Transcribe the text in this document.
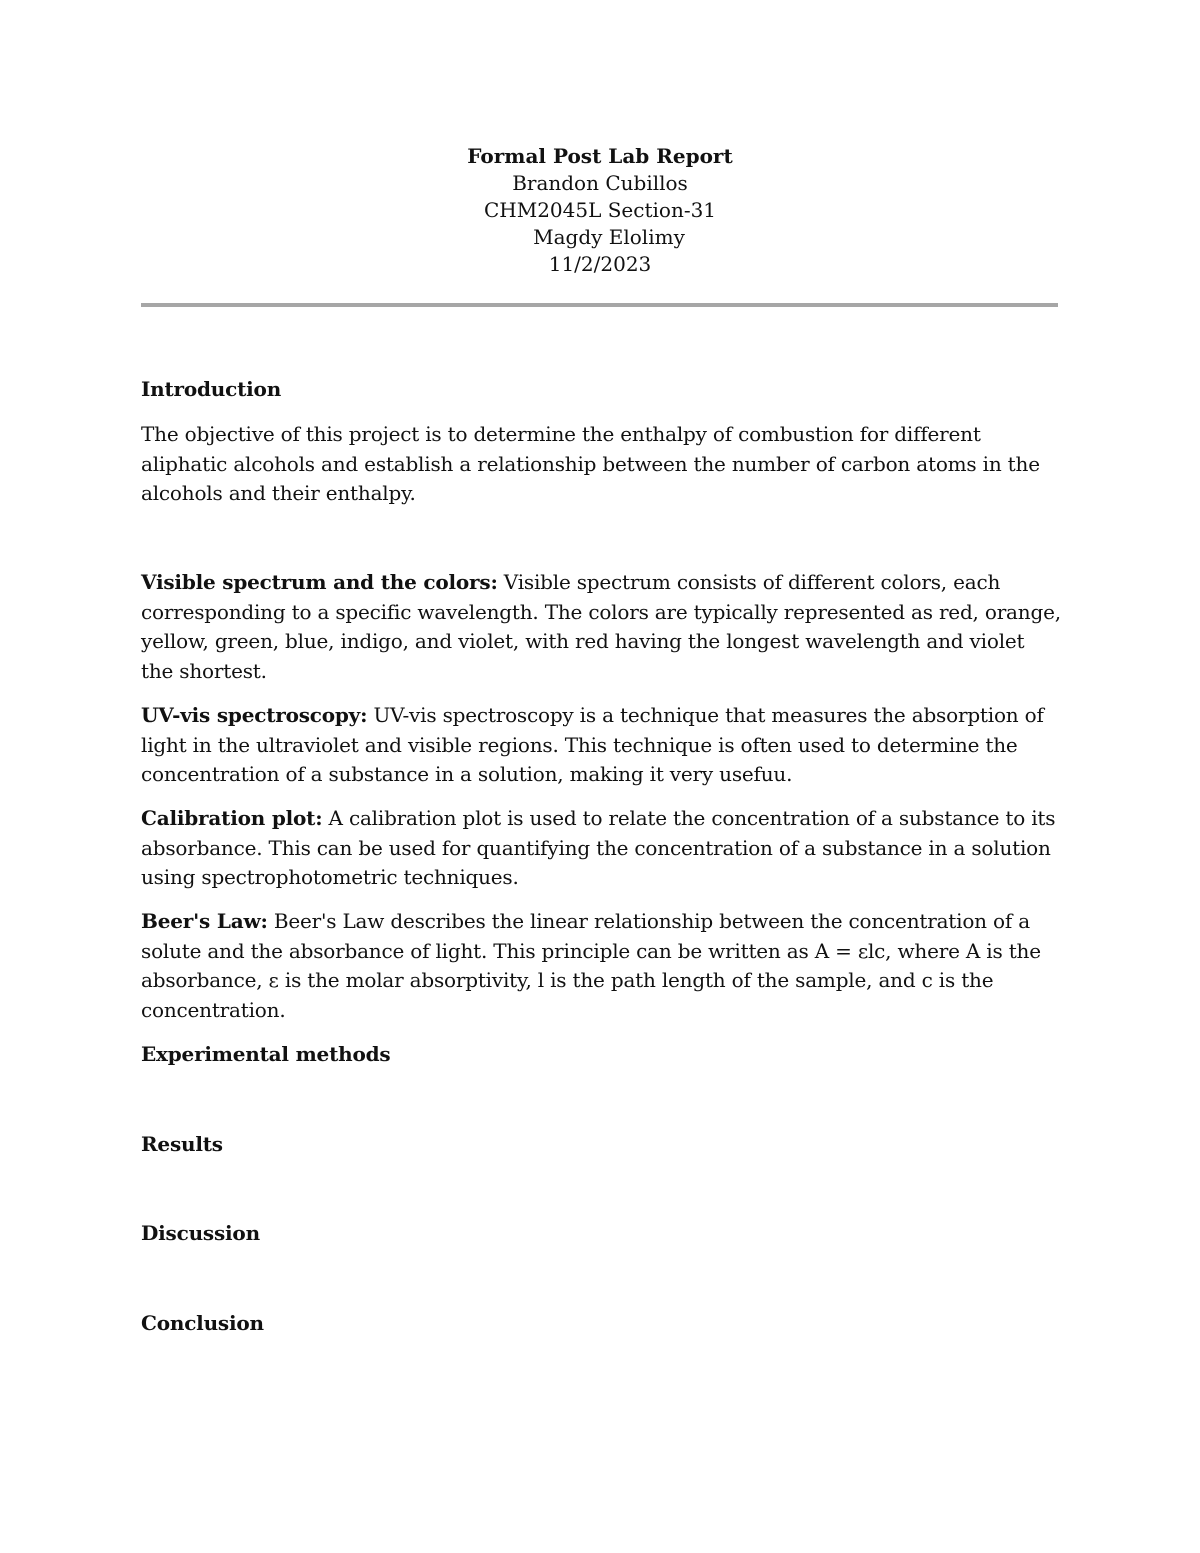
Formal Post Lab Report
Brandon Cubillos
CHM2045L Section-31
Magdy Elolimy
11/2/2023
Introduction

The objective of this project is to determine the enthalpy of combustion for different aliphatic alcohols and establish a relationship between the number of carbon atoms in the alcohols and their enthalpy.

Visible spectrum and the colors: Visible spectrum consists of different colors, each corresponding to a specific wavelength. The colors are typically represented as red, orange, yellow, green, blue, indigo, and violet, with red having the longest wavelength and violet the shortest.

UV-vis spectroscopy: UV-vis spectroscopy is a technique that measures the absorption of light in the ultraviolet and visible regions. This technique is often used to determine the concentration of a substance in a solution, making it very usefuu.

Calibration plot: A calibration plot is used to relate the concentration of a substance to its absorbance. This can be used for quantifying the concentration of a substance in a solution using spectrophotometric techniques.

Beer's Law: Beer's Law describes the linear relationship between the concentration of a solute and the absorbance of light. This principle can be written as A = εlc, where A is the absorbance, ε is the molar absorptivity, l is the path length of the sample, and c is the concentration.

Experimental methods
Results
Discussion
Conclusion
